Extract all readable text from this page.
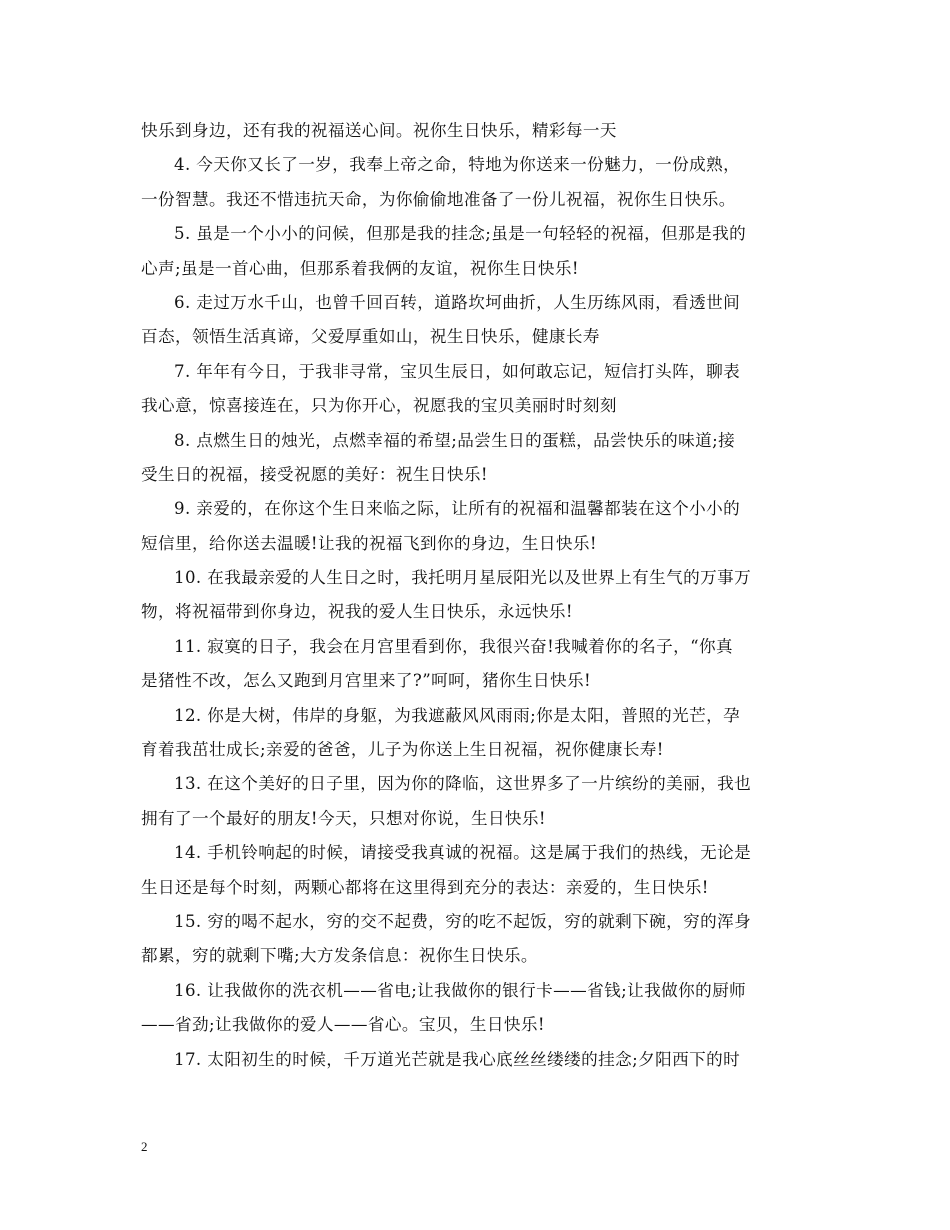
快乐到身边，还有我的祝福送心间。祝你生日快乐，精彩每一天
4. 今天你又长了一岁，我奉上帝之命，特地为你送来一份魅力，一份成熟，
一份智慧。我还不惜违抗天命，为你偷偷地准备了一份儿祝福，祝你生日快乐。
5. 虽是一个小小的问候，但那是我的挂念;虽是一句轻轻的祝福，但那是我的
心声;虽是一首心曲，但那系着我俩的友谊，祝你生日快乐!
6. 走过万水千山，也曾千回百转，道路坎坷曲折，人生历练风雨，看透世间
百态，领悟生活真谛，父爱厚重如山，祝生日快乐，健康长寿
7. 年年有今日，于我非寻常，宝贝生辰日，如何敢忘记，短信打头阵，聊表
我心意，惊喜接连在，只为你开心，祝愿我的宝贝美丽时时刻刻
8. 点燃生日的烛光，点燃幸福的希望;品尝生日的蛋糕，品尝快乐的味道;接
受生日的祝福，接受祝愿的美好：祝生日快乐!
9. 亲爱的，在你这个生日来临之际，让所有的祝福和温馨都装在这个小小的
短信里，给你送去温暖!让我的祝福飞到你的身边，生日快乐!
10. 在我最亲爱的人生日之时，我托明月星辰阳光以及世界上有生气的万事万
物，将祝福带到你身边，祝我的爱人生日快乐，永远快乐!
11. 寂寞的日子，我会在月宫里看到你，我很兴奋!我喊着你的名子，“你真
是猪性不改，怎么又跑到月宫里来了?”呵呵，猪你生日快乐!
12. 你是大树，伟岸的身躯，为我遮蔽风风雨雨;你是太阳，普照的光芒，孕
育着我茁壮成长;亲爱的爸爸，儿子为你送上生日祝福，祝你健康长寿!
13. 在这个美好的日子里，因为你的降临，这世界多了一片缤纷的美丽，我也
拥有了一个最好的朋友!今天，只想对你说，生日快乐!
14. 手机铃响起的时候，请接受我真诚的祝福。这是属于我们的热线，无论是
生日还是每个时刻，两颗心都将在这里得到充分的表达：亲爱的，生日快乐!
15. 穷的喝不起水，穷的交不起费，穷的吃不起饭，穷的就剩下碗，穷的浑身
都累，穷的就剩下嘴;大方发条信息：祝你生日快乐。
16. 让我做你的洗衣机——省电;让我做你的银行卡——省钱;让我做你的厨师
——省劲;让我做你的爱人——省心。宝贝，生日快乐!
17. 太阳初生的时候，千万道光芒就是我心底丝丝缕缕的挂念;夕阳西下的时
2
